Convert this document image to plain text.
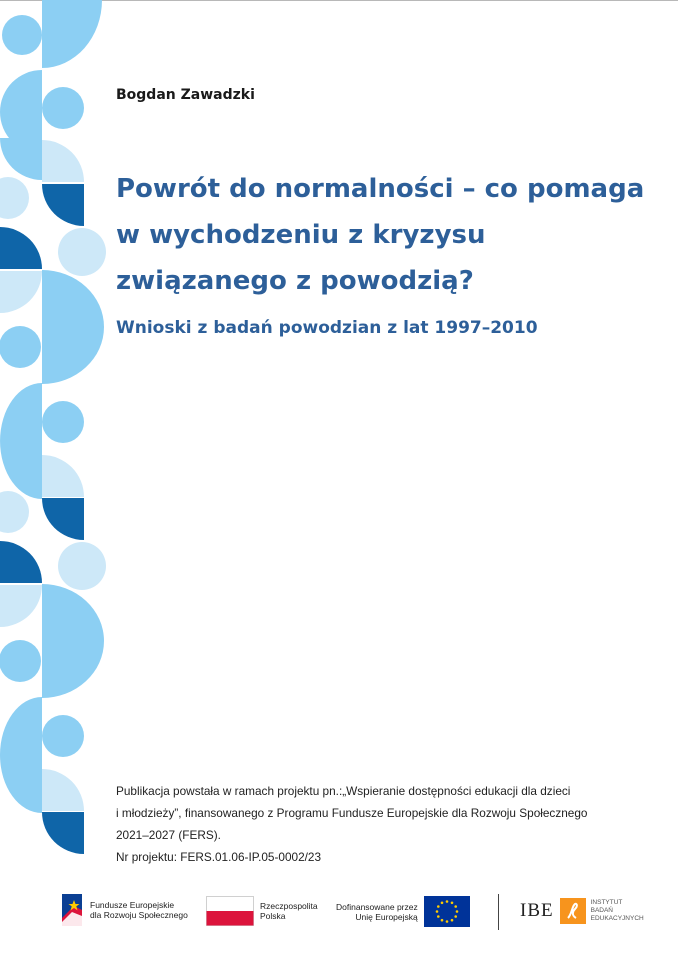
Bogdan Zawadzki
Powrót do normalności – co pomaga w wychodzeniu z kryzysu związanego z powodzią?
Wnioski z badań powodzian z lat 1997–2010

Publikacja powstała w ramach projektu pn.:„Wspieranie dostępności edukacji dla dzieci

i młodzieży”, finansowanego z Programu Fundusze Europejskie dla Rozwoju Społecznego

2021–2027 (FERS).

Nr projektu: FERS.01.06-IP.05-0002/23

Fundusze Europejskie
dla Rozwoju Społecznego
Rzeczpospolita
Polska
Dofinansowane przez
Unię Europejską	IBE	INSTYTUT
BADAŃ
EDUKACYJNYCH
